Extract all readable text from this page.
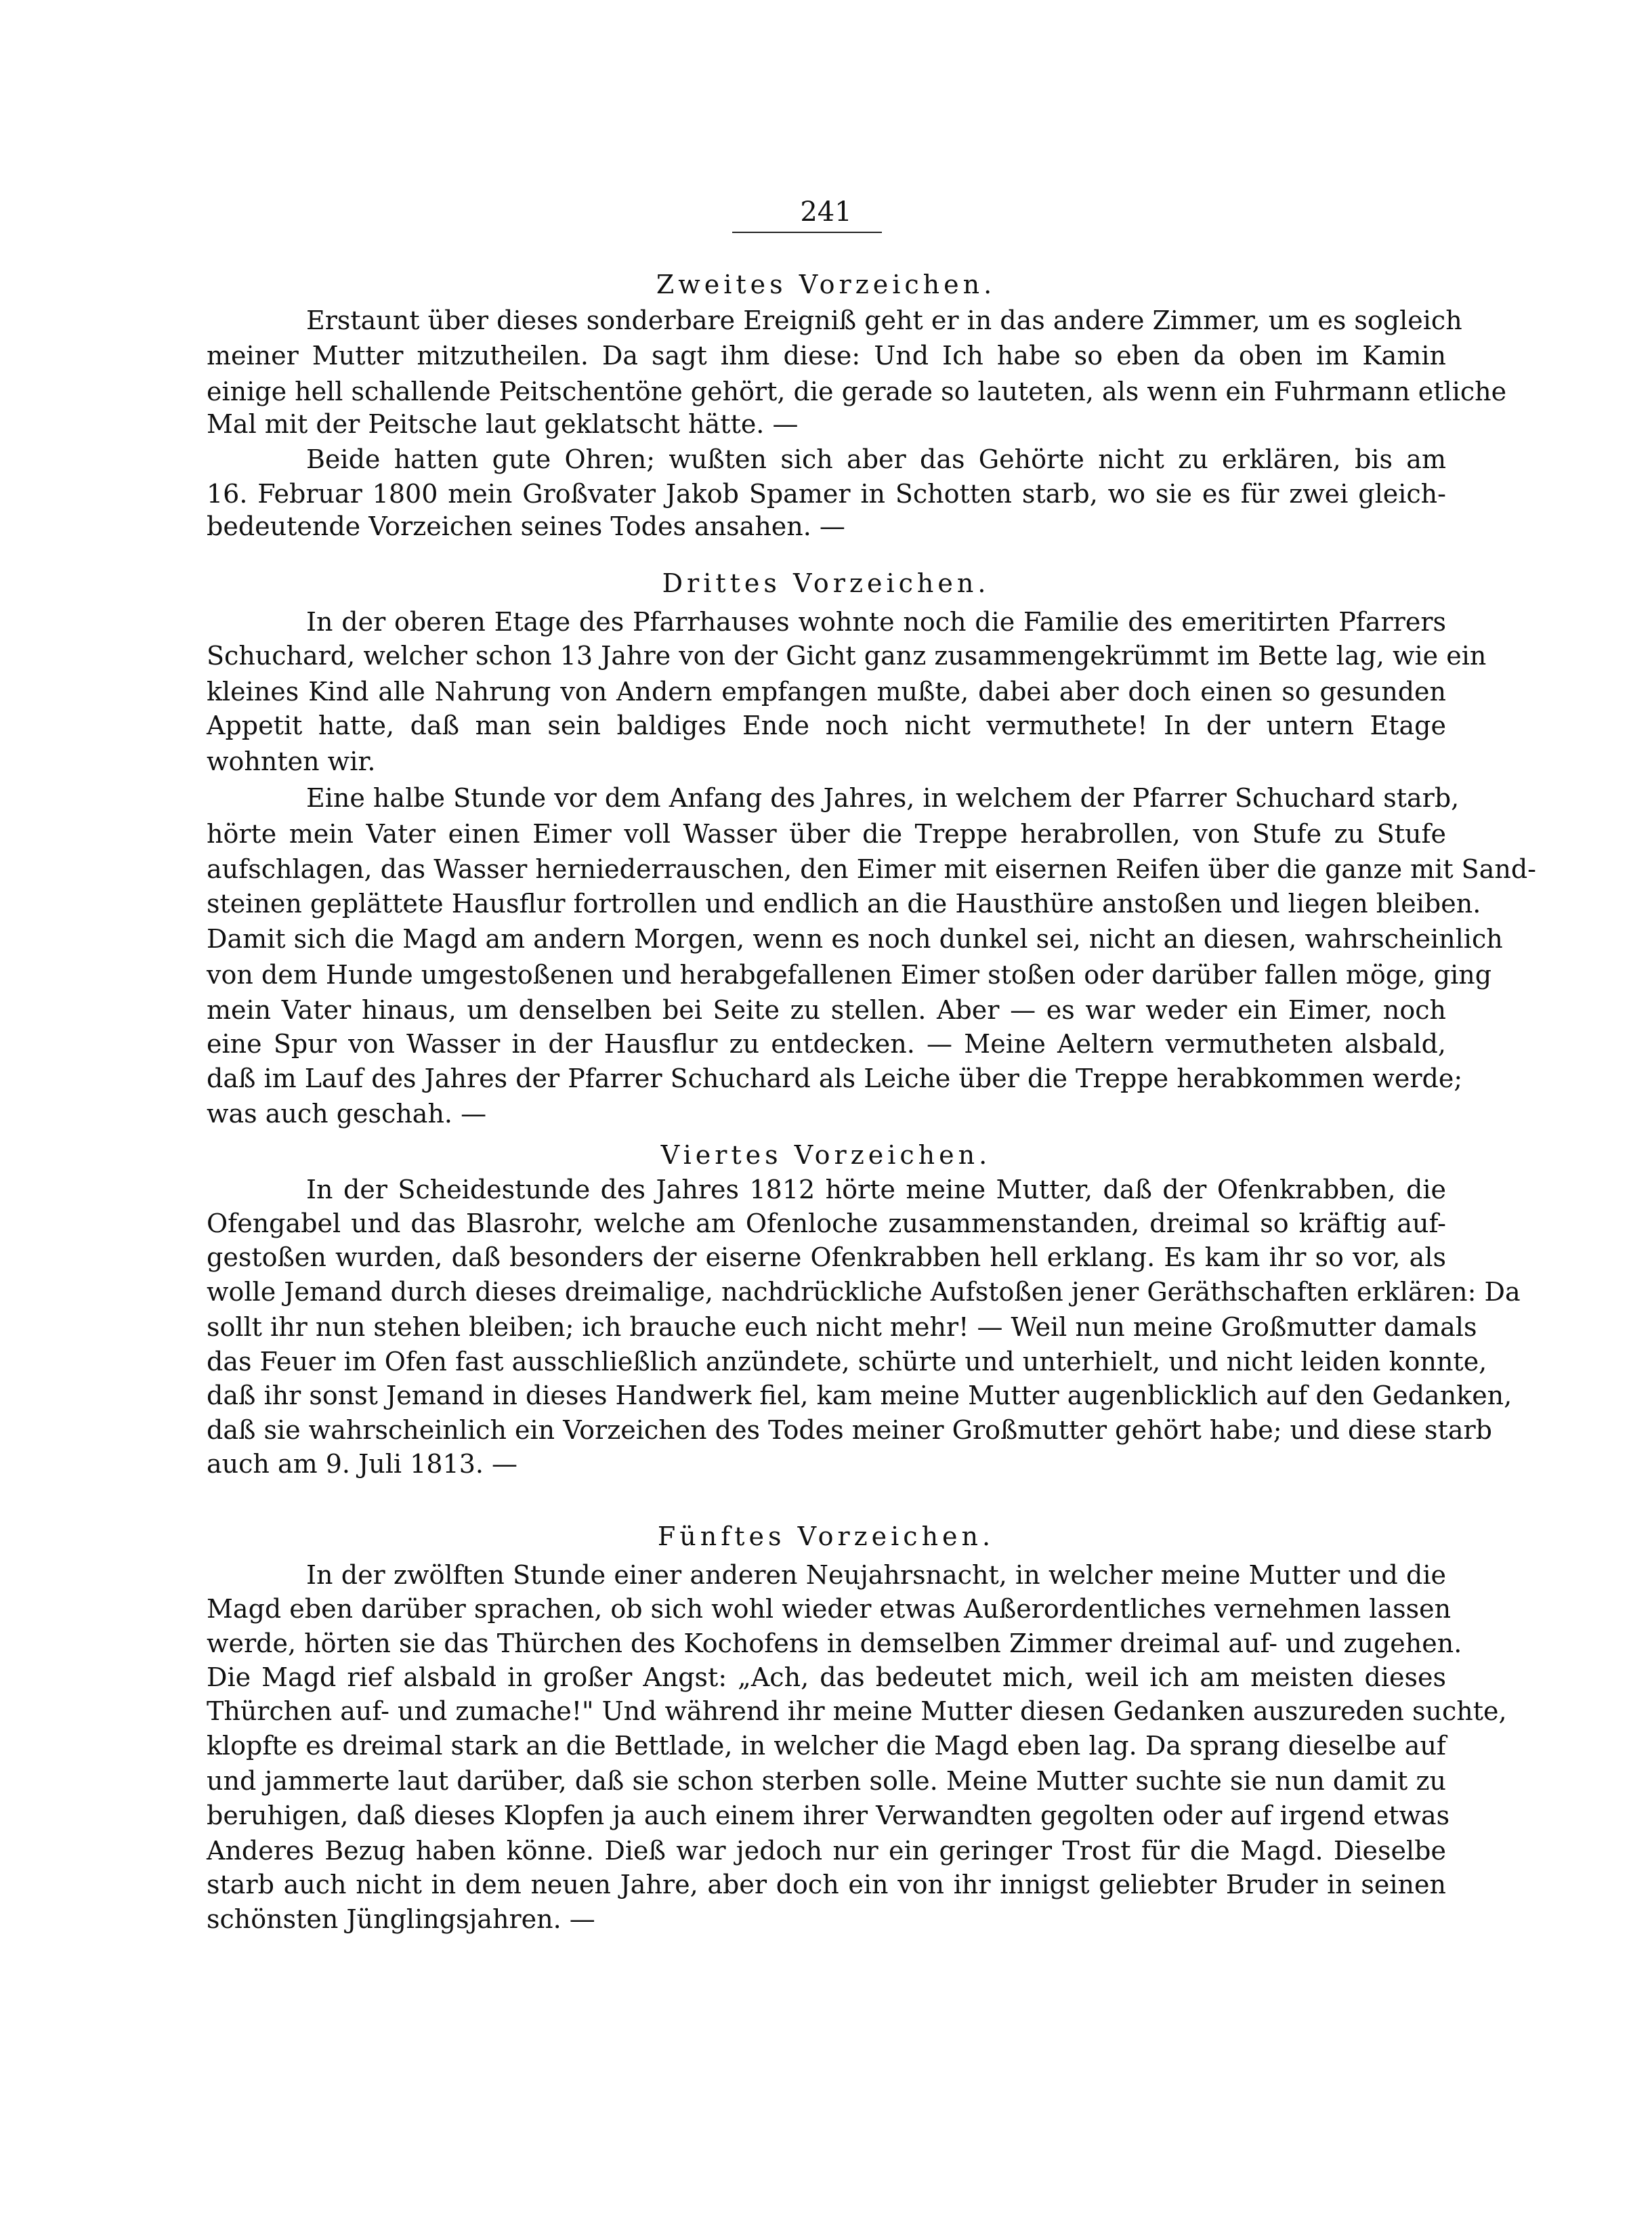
241
Zweites Vorzeichen.
Erstaunt über dieses sonderbare Ereigniß geht er in das andere Zimmer, um es sogleich
meiner Mutter mitzutheilen. Da sagt ihm diese: Und Ich habe so eben da oben im Kamin
einige hell schallende Peitschentöne gehört, die gerade so lauteten, als wenn ein Fuhrmann etliche
Mal mit der Peitsche laut geklatscht hätte. —
Beide hatten gute Ohren; wußten sich aber das Gehörte nicht zu erklären, bis am
16. Februar 1800 mein Großvater Jakob Spamer in Schotten starb, wo sie es für zwei gleich-
bedeutende Vorzeichen seines Todes ansahen. —
Drittes Vorzeichen.
In der oberen Etage des Pfarrhauses wohnte noch die Familie des emeritirten Pfarrers
Schuchard, welcher schon 13 Jahre von der Gicht ganz zusammengekrümmt im Bette lag, wie ein
kleines Kind alle Nahrung von Andern empfangen mußte, dabei aber doch einen so gesunden
Appetit hatte, daß man sein baldiges Ende noch nicht vermuthete! In der untern Etage
wohnten wir.
Eine halbe Stunde vor dem Anfang des Jahres, in welchem der Pfarrer Schuchard starb,
hörte mein Vater einen Eimer voll Wasser über die Treppe herabrollen, von Stufe zu Stufe
aufschlagen, das Wasser herniederrauschen, den Eimer mit eisernen Reifen über die ganze mit Sand-
steinen geplättete Hausflur fortrollen und endlich an die Hausthüre anstoßen und liegen bleiben.
Damit sich die Magd am andern Morgen, wenn es noch dunkel sei, nicht an diesen, wahrscheinlich
von dem Hunde umgestoßenen und herabgefallenen Eimer stoßen oder darüber fallen möge, ging
mein Vater hinaus, um denselben bei Seite zu stellen. Aber — es war weder ein Eimer, noch
eine Spur von Wasser in der Hausflur zu entdecken. — Meine Aeltern vermutheten alsbald,
daß im Lauf des Jahres der Pfarrer Schuchard als Leiche über die Treppe herabkommen werde;
was auch geschah. —
Viertes Vorzeichen.
In der Scheidestunde des Jahres 1812 hörte meine Mutter, daß der Ofenkrabben, die
Ofengabel und das Blasrohr, welche am Ofenloche zusammenstanden, dreimal so kräftig auf-
gestoßen wurden, daß besonders der eiserne Ofenkrabben hell erklang. Es kam ihr so vor, als
wolle Jemand durch dieses dreimalige, nachdrückliche Aufstoßen jener Geräthschaften erklären: Da
sollt ihr nun stehen bleiben; ich brauche euch nicht mehr! — Weil nun meine Großmutter damals
das Feuer im Ofen fast ausschließlich anzündete, schürte und unterhielt, und nicht leiden konnte,
daß ihr sonst Jemand in dieses Handwerk fiel, kam meine Mutter augenblicklich auf den Gedanken,
daß sie wahrscheinlich ein Vorzeichen des Todes meiner Großmutter gehört habe; und diese starb
auch am 9. Juli 1813. —
Fünftes Vorzeichen.
In der zwölften Stunde einer anderen Neujahrsnacht, in welcher meine Mutter und die
Magd eben darüber sprachen, ob sich wohl wieder etwas Außerordentliches vernehmen lassen
werde, hörten sie das Thürchen des Kochofens in demselben Zimmer dreimal auf- und zugehen.
Die Magd rief alsbald in großer Angst: „Ach, das bedeutet mich, weil ich am meisten dieses
Thürchen auf- und zumache!" Und während ihr meine Mutter diesen Gedanken auszureden suchte,
klopfte es dreimal stark an die Bettlade, in welcher die Magd eben lag. Da sprang dieselbe auf
und jammerte laut darüber, daß sie schon sterben solle. Meine Mutter suchte sie nun damit zu
beruhigen, daß dieses Klopfen ja auch einem ihrer Verwandten gegolten oder auf irgend etwas
Anderes Bezug haben könne. Dieß war jedoch nur ein geringer Trost für die Magd. Dieselbe
starb auch nicht in dem neuen Jahre, aber doch ein von ihr innigst geliebter Bruder in seinen
schönsten Jünglingsjahren. —
